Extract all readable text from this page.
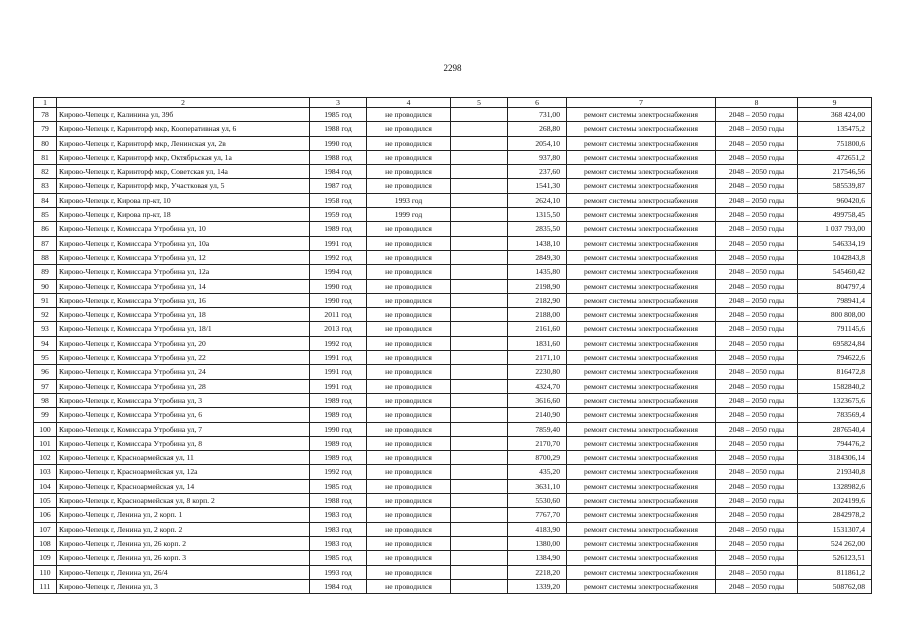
2298
1	2	3	4	5	6	7	8	9
78	Кирово-Чепецк г, Калинина ул, 39б	1985 год	не проводился		731,00	ремонт системы электроснабжения	2048 – 2050 годы	368 424,00
79	Кирово-Чепецк г, Каринторф мкр, Кооперативная ул, 6	1988 год	не проводился		268,80	ремонт системы электроснабжения	2048 – 2050 годы	135475,2
80	Кирово-Чепецк г, Каринторф мкр, Ленинская ул, 2в	1990 год	не проводился		2054,10	ремонт системы электроснабжения	2048 – 2050 годы	751800,6
81	Кирово-Чепецк г, Каринторф мкр, Октябрьская ул, 1а	1988 год	не проводился		937,80	ремонт системы электроснабжения	2048 – 2050 годы	472651,2
82	Кирово-Чепецк г, Каринторф мкр, Советская ул, 14а	1984 год	не проводился		237,60	ремонт системы электроснабжения	2048 – 2050 годы	217546,56
83	Кирово-Чепецк г, Каринторф мкр, Участковая ул, 5	1987 год	не проводился		1541,30	ремонт системы электроснабжения	2048 – 2050 годы	585539,87
84	Кирово-Чепецк г, Кирова пр-кт, 10	1958 год	1993 год		2624,10	ремонт системы электроснабжения	2048 – 2050 годы	960420,6
85	Кирово-Чепецк г, Кирова пр-кт, 18	1959 год	1999 год		1315,50	ремонт системы электроснабжения	2048 – 2050 годы	499758,45
86	Кирово-Чепецк г, Комиссара Утробина ул, 10	1989 год	не проводился		2835,50	ремонт системы электроснабжения	2048 – 2050 годы	1 037 793,00
87	Кирово-Чепецк г, Комиссара Утробина ул, 10а	1991 год	не проводился		1438,10	ремонт системы электроснабжения	2048 – 2050 годы	546334,19
88	Кирово-Чепецк г, Комиссара Утробина ул, 12	1992 год	не проводился		2849,30	ремонт системы электроснабжения	2048 – 2050 годы	1042843,8
89	Кирово-Чепецк г, Комиссара Утробина ул, 12а	1994 год	не проводился		1435,80	ремонт системы электроснабжения	2048 – 2050 годы	545460,42
90	Кирово-Чепецк г, Комиссара Утробина ул, 14	1990 год	не проводился		2198,90	ремонт системы электроснабжения	2048 – 2050 годы	804797,4
91	Кирово-Чепецк г, Комиссара Утробина ул, 16	1990 год	не проводился		2182,90	ремонт системы электроснабжения	2048 – 2050 годы	798941,4
92	Кирово-Чепецк г, Комиссара Утробина ул, 18	2011 год	не проводился		2188,00	ремонт системы электроснабжения	2048 – 2050 годы	800 808,00
93	Кирово-Чепецк г, Комиссара Утробина ул, 18/1	2013 год	не проводился		2161,60	ремонт системы электроснабжения	2048 – 2050 годы	791145,6
94	Кирово-Чепецк г, Комиссара Утробина ул, 20	1992 год	не проводился		1831,60	ремонт системы электроснабжения	2048 – 2050 годы	695824,84
95	Кирово-Чепецк г, Комиссара Утробина ул, 22	1991 год	не проводился		2171,10	ремонт системы электроснабжения	2048 – 2050 годы	794622,6
96	Кирово-Чепецк г, Комиссара Утробина ул, 24	1991 год	не проводился		2230,80	ремонт системы электроснабжения	2048 – 2050 годы	816472,8
97	Кирово-Чепецк г, Комиссара Утробина ул, 28	1991 год	не проводился		4324,70	ремонт системы электроснабжения	2048 – 2050 годы	1582840,2
98	Кирово-Чепецк г, Комиссара Утробина ул, 3	1989 год	не проводился		3616,60	ремонт системы электроснабжения	2048 – 2050 годы	1323675,6
99	Кирово-Чепецк г, Комиссара Утробина ул, 6	1989 год	не проводился		2140,90	ремонт системы электроснабжения	2048 – 2050 годы	783569,4
100	Кирово-Чепецк г, Комиссара Утробина ул, 7	1990 год	не проводился		7859,40	ремонт системы электроснабжения	2048 – 2050 годы	2876540,4
101	Кирово-Чепецк г, Комиссара Утробина ул, 8	1989 год	не проводился		2170,70	ремонт системы электроснабжения	2048 – 2050 годы	794476,2
102	Кирово-Чепецк г, Красноармейская ул, 11	1989 год	не проводился		8700,29	ремонт системы электроснабжения	2048 – 2050 годы	3184306,14
103	Кирово-Чепецк г, Красноармейская ул, 12а	1992 год	не проводился		435,20	ремонт системы электроснабжения	2048 – 2050 годы	219340,8
104	Кирово-Чепецк г, Красноармейская ул, 14	1985 год	не проводился		3631,10	ремонт системы электроснабжения	2048 – 2050 годы	1328982,6
105	Кирово-Чепецк г, Красноармейская ул, 8 корп. 2	1988 год	не проводился		5530,60	ремонт системы электроснабжения	2048 – 2050 годы	2024199,6
106	Кирово-Чепецк г, Ленина ул, 2 корп. 1	1983 год	не проводился		7767,70	ремонт системы электроснабжения	2048 – 2050 годы	2842978,2
107	Кирово-Чепецк г, Ленина ул, 2 корп. 2	1983 год	не проводился		4183,90	ремонт системы электроснабжения	2048 – 2050 годы	1531307,4
108	Кирово-Чепецк г, Ленина ул, 26 корп. 2	1983 год	не проводился		1380,00	ремонт системы электроснабжения	2048 – 2050 годы	524 262,00
109	Кирово-Чепецк г, Ленина ул, 26 корп. 3	1985 год	не проводился		1384,90	ремонт системы электроснабжения	2048 – 2050 годы	526123,51
110	Кирово-Чепецк г, Ленина ул, 26/4	1993 год	не проводился		2218,20	ремонт системы электроснабжения	2048 – 2050 годы	811861,2
111	Кирово-Чепецк г, Ленина ул, 3	1984 год	не проводился		1339,20	ремонт системы электроснабжения	2048 – 2050 годы	508762,08
